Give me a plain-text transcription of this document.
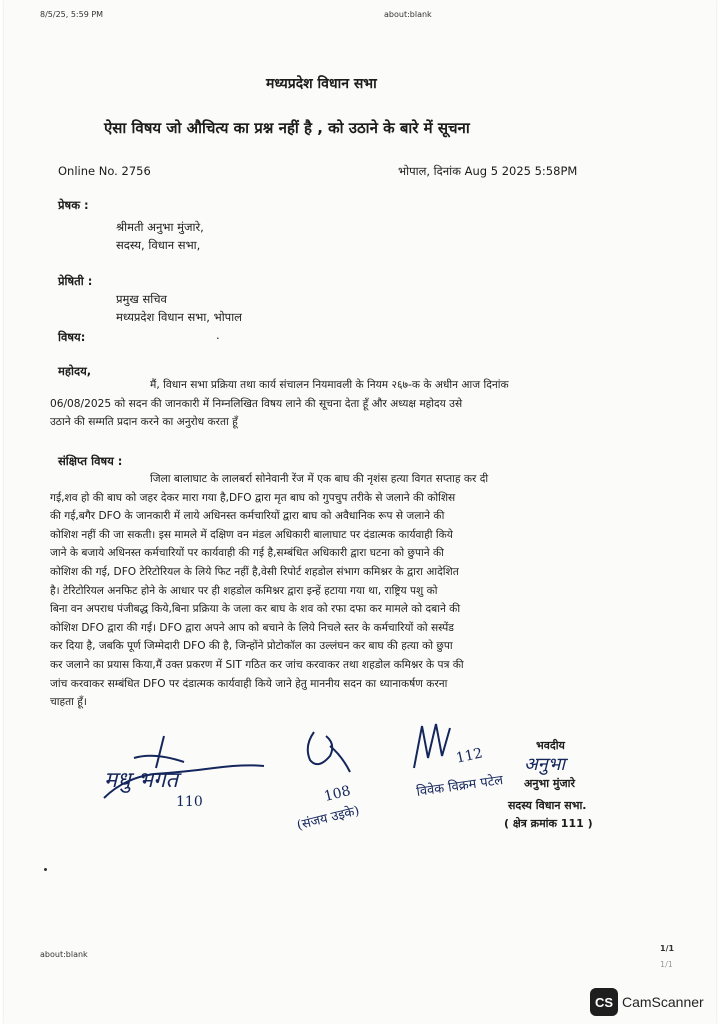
8/5/25, 5:59 PM	about:blank
मध्यप्रदेश विधान सभा
ऐसा विषय जो औचित्य का प्रश्न नहीं है , को उठाने के बारे में सूचना
Online No. 2756	भोपाल, दिनांक Aug 5 2025 5:58PM
प्रेषक :
श्रीमती अनुभा मुंजारे,
सदस्य, विधान सभा,
प्रेषिती :
प्रमुख सचिव
मध्यप्रदेश विधान सभा, भोपाल
विषय:	.
महोदय,
मैं, विधान सभा प्रक्रिया तथा कार्य संचालन नियमावली के नियम २६७-क के अधीन आज दिनांक
06/08/2025 को सदन की जानकारी में निम्नलिखित विषय लाने की सूचना देता हूँ और अध्यक्ष महोदय उसे
उठाने की सम्मति प्रदान करने का अनुरोध करता हूँ
संक्षिप्त विषय :
जिला बालाघाट के लालबर्रा सोनेवानी रेंज में एक बाघ की नृशंस हत्या विगत सप्ताह कर दी
गई,शव हो की बाघ को जहर देकर मारा गया है,DFO द्वारा मृत बाघ को गुपचुप तरीके से जलाने की कोशिस
की गई,बगैर DFO के जानकारी में लाये अधिनस्त कर्मचारियों द्वारा बाघ को अवैधानिक रूप से जलाने की
कोशिश नहीं की जा सकती। इस मामले में दक्षिण वन मंडल अधिकारी बालाघाट पर दंडात्मक कार्यवाही किये
जाने के बजाये अधिनस्त कर्मचारियों पर कार्यवाही की गई है,सम्बंधित अधिकारी द्वारा घटना को छुपाने की
कोशिश की गई, DFO टेरिटोरियल के लिये फिट नहीं है,वेसी रिपोर्ट शहडोल संभाग कमिश्नर के द्वारा आदेशित
है। टेरिटोरियल अनफिट होने के आधार पर ही शहडोल कमिश्नर द्वारा इन्हें हटाया गया था, राष्ट्रिय पशु को
बिना वन अपराध पंजीबद्ध किये,बिना प्रक्रिया के जला कर बाघ के शव को रफा दफा कर मामले को दबाने की
कोशिश DFO द्वारा की गई। DFO द्वारा अपने आप को बचाने के लिये निचले स्तर के कर्मचारियों को सस्पेंड
कर दिया है, जबकि पूर्ण जिम्मेदारी DFO की है, जिन्होंने प्रोटोकॉल का उल्लंघन कर बाघ की हत्या को छुपा
कर जलाने का प्रयास किया,मैं उक्त प्रकरण में SIT गठित कर जांच करवाकर तथा शहडोल कमिश्नर के पत्र की
जांच करवाकर सम्बंधित DFO पर दंडात्मक कार्यवाही किये जाने हेतु माननीय सदन का ध्यानाकर्षण करना
चाहता हूँ।
मधु भगत
110	108
(संजय उइके)
112
विवेक विक्रम पटेल
भवदीय
अनुभा
अनुभा मुंजारे
सदस्य विधान सभा.
( क्षेत्र क्रमांक 111 )
about:blank
1/1
1/1
CS CamScanner
